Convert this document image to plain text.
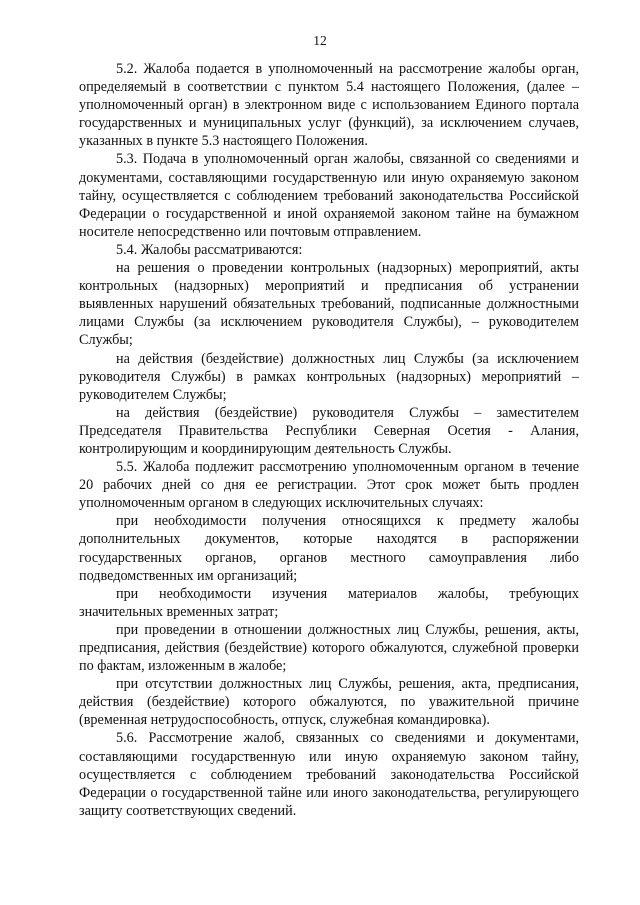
12

5.2. Жалоба подается в уполномоченный на рассмотрение жалобы орган, определяемый в соответствии с пунктом 5.4 настоящего Положения, (далее – уполномоченный орган) в электронном виде с использованием Единого портала государственных и муниципальных услуг (функций), за исключением случаев, указанных в пункте 5.3 настоящего Положения.

5.3. Подача в уполномоченный орган жалобы, связанной со сведениями и документами, составляющими государственную или иную охраняемую законом тайну, осуществляется с соблюдением требований законодательства Российской Федерации о государственной и иной охраняемой законом тайне на бумажном носителе непосредственно или почтовым отправлением.

5.4. Жалобы рассматриваются:

на решения о проведении контрольных (надзорных) мероприятий, акты контрольных (надзорных) мероприятий и предписания об устранении выявленных нарушений обязательных требований, подписанные должностными лицами Службы (за исключением руководителя Службы), – руководителем Службы;

на действия (бездействие) должностных лиц Службы (за исключением руководителя Службы) в рамках контрольных (надзорных) мероприятий – руководителем Службы;

на действия (бездействие) руководителя Службы – заместителем Председателя Правительства Республики Северная Осетия - Алания, контролирующим и координирующим деятельность Службы.

5.5. Жалоба подлежит рассмотрению уполномоченным органом в течение 20 рабочих дней со дня ее регистрации. Этот срок может быть продлен уполномоченным органом в следующих исключительных случаях:

при необходимости получения относящихся к предмету жалобы дополнительных документов, которые находятся в распоряжении государственных органов, органов местного самоуправления либо подведомственных им организаций;

при необходимости изучения материалов жалобы, требующих значительных временных затрат;

при проведении в отношении должностных лиц Службы, решения, акты, предписания, действия (бездействие) которого обжалуются, служебной проверки по фактам, изложенным в жалобе;

при отсутствии должностных лиц Службы, решения, акта, предписания, действия (бездействие) которого обжалуются, по уважительной причине (временная нетрудоспособность, отпуск, служебная командировка).

5.6. Рассмотрение жалоб, связанных со сведениями и документами, составляющими государственную или иную охраняемую законом тайну, осуществляется с соблюдением требований законодательства Российской Федерации о государственной тайне или иного законодательства, регулирующего защиту соответствующих сведений.
